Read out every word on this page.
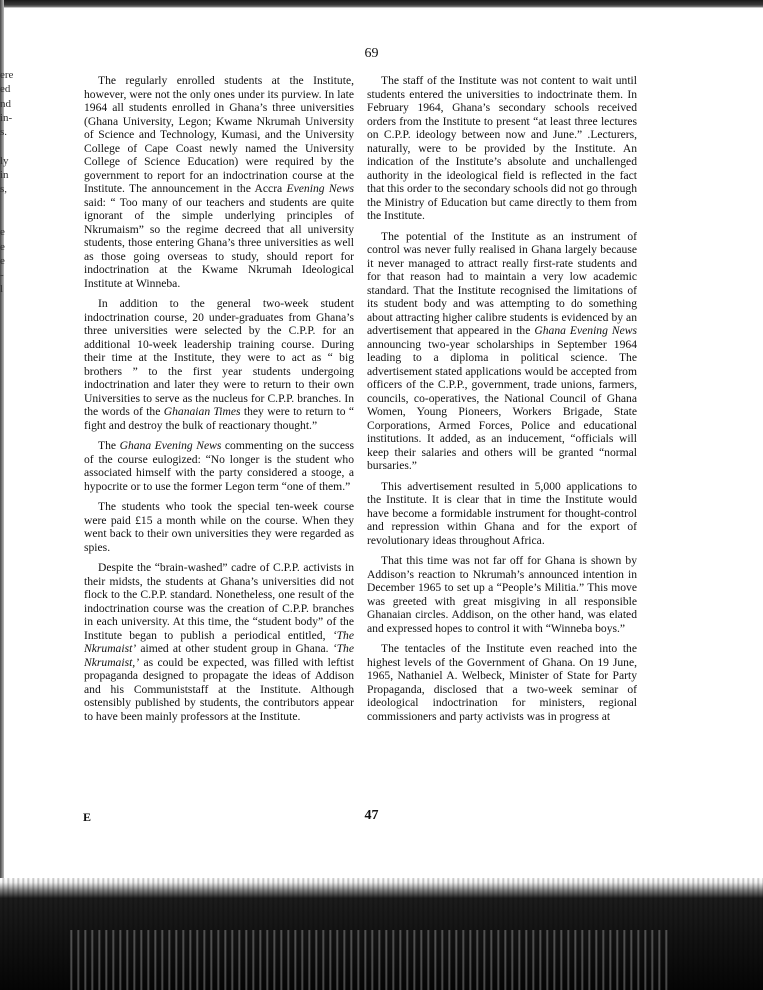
ere
ed
nd
in-
s.
ly
in
s,
e
e
e
-
l
69

The regularly enrolled students at the Institute, however, were not the only ones under its purview. In late 1964 all students enrolled in Ghana’s three universities (Ghana University, Legon; Kwame Nkrumah University of Science and Technology, Kumasi, and the University College of Cape Coast newly named the University College of Science Education) were required by the government to report for an indoctrination course at the Institute. The announcement in the Accra Evening News said: “ Too many of our teachers and students are quite ignorant of the simple underlying principles of Nkrumaism” so the regime decreed that all university students, those entering Ghana’s three universities as well as those going overseas to study, should report for indoctrination at the Kwame Nkrumah Ideological Institute at Winneba.

In addition to the general two-week student indoctrination course, 20 under-graduates from Ghana’s three universities were selected by the C.P.P. for an additional 10-week leadership training course. During their time at the Institute, they were to act as “ big brothers ” to the first year students undergoing indoctrination and later they were to return to their own Universities to serve as the nucleus for C.P.P. branches. In the words of the Ghanaian Times they were to return to “ fight and destroy the bulk of reactionary thought.”

The Ghana Evening News commenting on the success of the course eulogized: “No longer is the student who associated himself with the party considered a stooge, a hypocrite or to use the former Legon term “one of them.”

The students who took the special ten-week course were paid £15 a month while on the course. When they went back to their own universities they were regarded as spies.

Despite the “brain-washed” cadre of C.P.P. activists in their midsts, the students at Ghana’s universities did not flock to the C.P.P. standard. Nonetheless, one result of the indoctrination course was the creation of C.P.P. branches in each university. At this time, the “student body” of the Institute began to publish a periodical entitled, ‘The Nkrumaist’ aimed at other student group in Ghana. ‘The Nkrumaist,’ as could be expected, was filled with leftist propaganda designed to propagate the ideas of Addison and his Communiststaff at the Institute. Although ostensibly published by students, the contributors appear to have been mainly professors at the Institute.

The staff of the Institute was not content to wait until students entered the universities to indoctrinate them. In February 1964, Ghana’s secondary schools received orders from the Institute to present “at least three lectures on C.P.P. ideology between now and June.” .Lecturers, naturally, were to be provided by the Institute. An indication of the Institute’s absolute and unchallenged authority in the ideological field is reflected in the fact that this order to the secondary schools did not go through the Ministry of Education but came directly to them from the Institute.

The potential of the Institute as an instrument of control was never fully realised in Ghana largely because it never managed to attract really first-rate students and for that reason had to maintain a very low academic standard. That the Institute recognised the limitations of its student body and was attempting to do something about attracting higher calibre students is evidenced by an advertisement that appeared in the Ghana Evening News announcing two-year scholarships in September 1964 leading to a diploma in political science. The advertisement stated applications would be accepted from officers of the C.P.P., government, trade unions, farmers, councils, co-operatives, the National Council of Ghana Women, Young Pioneers, Workers Brigade, State Corporations, Armed Forces, Police and educational institutions. It added, as an inducement, “officials will keep their salaries and others will be granted “normal bursaries.”

This advertisement resulted in 5,000 applications to the Institute. It is clear that in time the Institute would have become a formidable instrument for thought-control and repression within Ghana and for the export of revolutionary ideas throughout Africa.

That this time was not far off for Ghana is shown by Addison’s reaction to Nkrumah’s announced intention in December 1965 to set up a “People’s Militia.” This move was greeted with great misgiving in all responsible Ghanaian circles. Addison, on the other hand, was elated and expressed hopes to control it with “Winneba boys.”

The tentacles of the Institute even reached into the highest levels of the Government of Ghana. On 19 June, 1965, Nathaniel A. Welbeck, Minister of State for Party Propaganda, disclosed that a two-week seminar of ideological indoctrination for ministers, regional commissioners and party activists was in progress at

E	47
